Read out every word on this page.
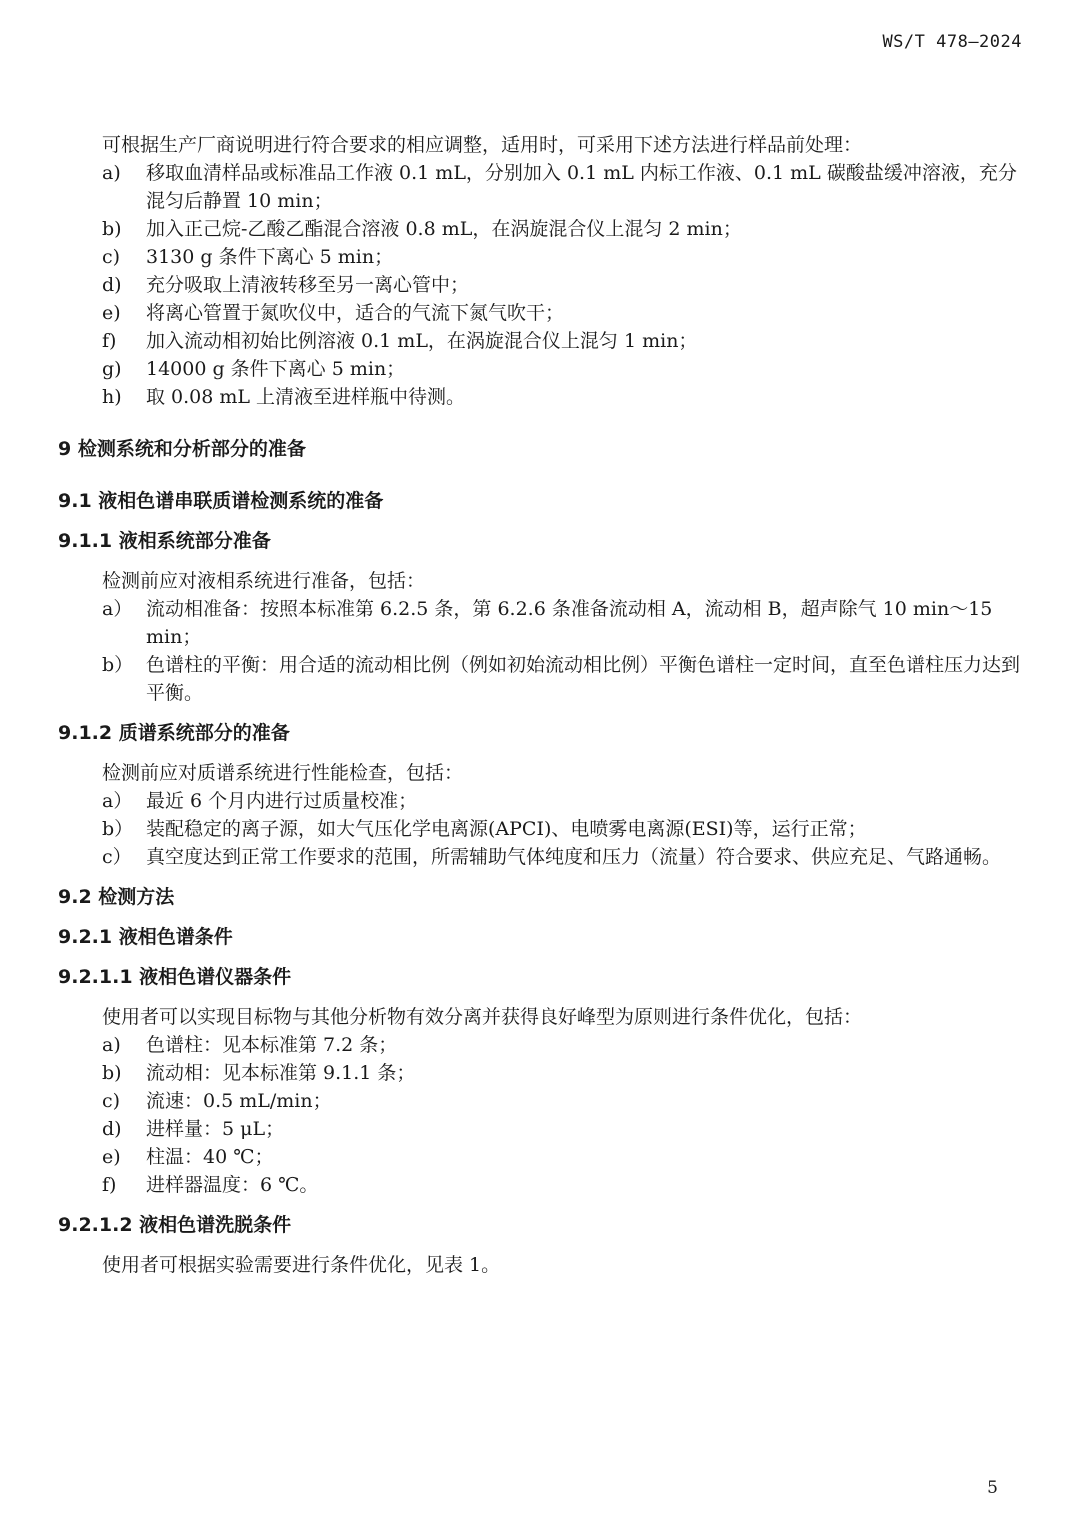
WS/T 478—2024

可根据生产厂商说明进行符合要求的相应调整，适用时，可采用下述方法进行样品前处理：

a) 移取血清样品或标准品工作液 0.1 mL，分别加入 0.1 mL 内标工作液、0.1 mL 碳酸盐缓冲溶液，充分混匀后静置 10 min；
b) 加入正己烷-乙酸乙酯混合溶液 0.8 mL，在涡旋混合仪上混匀 2 min；
c) 3130 g 条件下离心 5 min；
d) 充分吸取上清液转移至另一离心管中；
e) 将离心管置于氮吹仪中，适合的气流下氮气吹干；
f) 加入流动相初始比例溶液 0.1 mL，在涡旋混合仪上混匀 1 min；
g) 14000 g 条件下离心 5 min；
h) 取 0.08 mL 上清液至进样瓶中待测。
9 检测系统和分析部分的准备
9.1 液相色谱串联质谱检测系统的准备
9.1.1 液相系统部分准备

检测前应对液相系统进行准备，包括：

a） 流动相准备：按照本标准第 6.2.5 条，第 6.2.6 条准备流动相 A，流动相 B，超声除气 10 min～15 min；
b） 色谱柱的平衡：用合适的流动相比例（例如初始流动相比例）平衡色谱柱一定时间，直至色谱柱压力达到平衡。
9.1.2 质谱系统部分的准备

检测前应对质谱系统进行性能检查，包括：

a） 最近 6 个月内进行过质量校准；
b） 装配稳定的离子源，如大气压化学电离源(APCI)、电喷雾电离源(ESI)等，运行正常；
c） 真空度达到正常工作要求的范围，所需辅助气体纯度和压力（流量）符合要求、供应充足、气路通畅。
9.2 检测方法
9.2.1 液相色谱条件
9.2.1.1 液相色谱仪器条件

使用者可以实现目标物与其他分析物有效分离并获得良好峰型为原则进行条件优化，包括：

a) 色谱柱：见本标准第 7.2 条；
b) 流动相：见本标准第 9.1.1 条；
c) 流速：0.5 mL/min；
d) 进样量：5 μL；
e) 柱温：40 ℃；
f) 进样器温度：6 ℃。
9.2.1.2 液相色谱洗脱条件

使用者可根据实验需要进行条件优化，见表 1。

5
